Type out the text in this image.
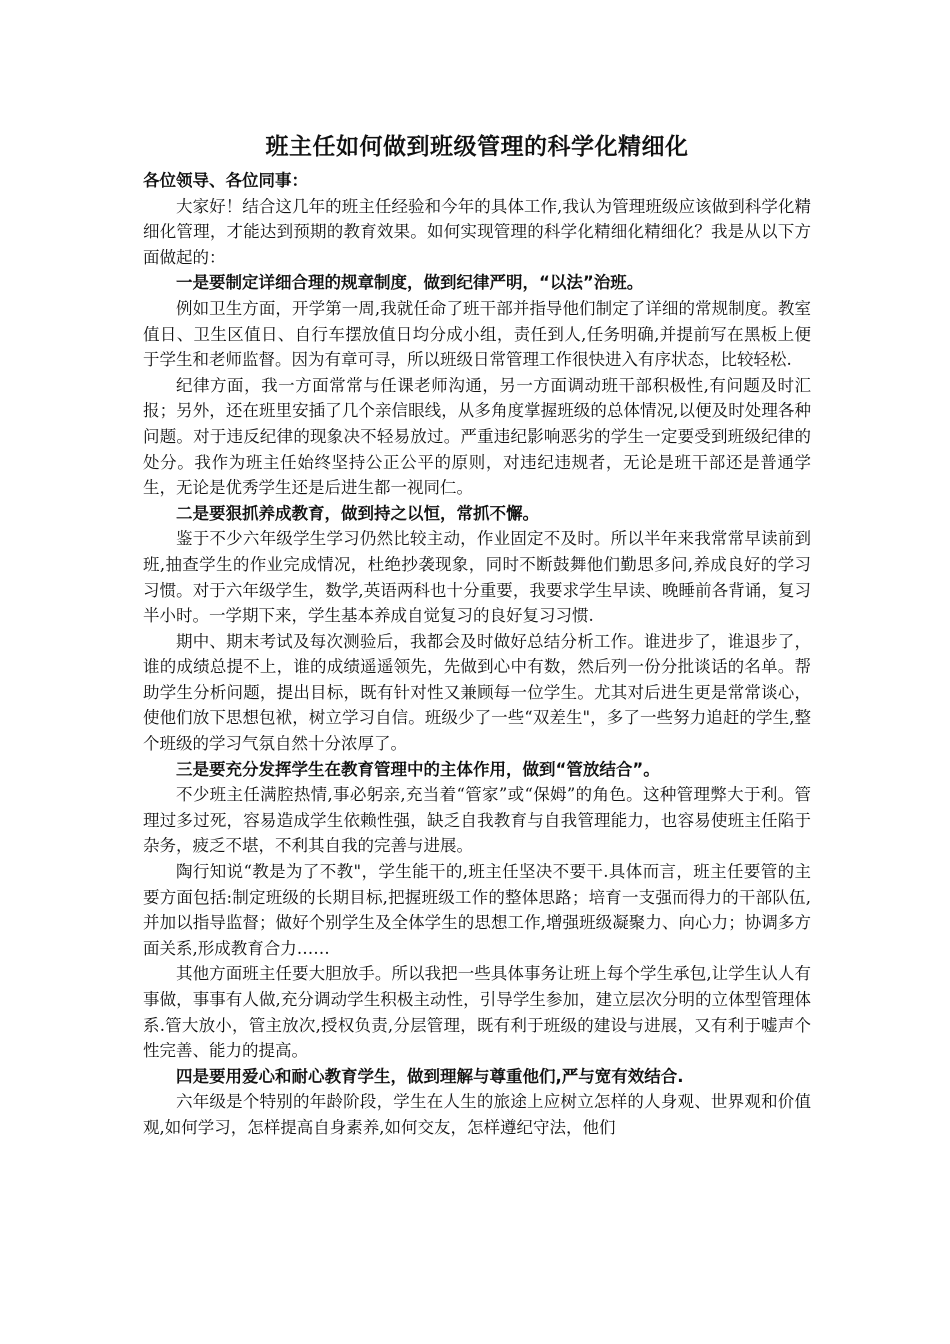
班主任如何做到班级管理的科学化精细化

各位领导、各位同事：

大家好！结合这几年的班主任经验和今年的具体工作,我认为管理班级应该做到科学化精细化管理，才能达到预期的教育效果。如何实现管理的科学化精细化精细化？我是从以下方面做起的：

一是要制定详细合理的规章制度，做到纪律严明，“以法”治班。

例如卫生方面，开学第一周,我就任命了班干部并指导他们制定了详细的常规制度。教室值日、卫生区值日、自行车摆放值日均分成小组，责任到人,任务明确,并提前写在黑板上便于学生和老师监督。因为有章可寻，所以班级日常管理工作很快进入有序状态，比较轻松.

纪律方面，我一方面常常与任课老师沟通，另一方面调动班干部积极性,有问题及时汇报；另外，还在班里安插了几个亲信眼线，从多角度掌握班级的总体情况,以便及时处理各种问题。对于违反纪律的现象决不轻易放过。严重违纪影响恶劣的学生一定要受到班级纪律的处分。我作为班主任始终坚持公正公平的原则，对违纪违规者，无论是班干部还是普通学生，无论是优秀学生还是后进生都一视同仁。

二是要狠抓养成教育，做到持之以恒，常抓不懈。

鉴于不少六年级学生学习仍然比较主动，作业固定不及时。所以半年来我常常早读前到班,抽查学生的作业完成情况，杜绝抄袭现象，同时不断鼓舞他们勤思多问,养成良好的学习习惯。对于六年级学生，数学,英语两科也十分重要，我要求学生早读、晚睡前各背诵，复习半小时。一学期下来，学生基本养成自觉复习的良好复习习惯.

期中、期末考试及每次测验后，我都会及时做好总结分析工作。谁进步了，谁退步了，谁的成绩总提不上，谁的成绩遥遥领先，先做到心中有数，然后列一份分批谈话的名单。帮助学生分析问题，提出目标，既有针对性又兼顾每一位学生。尤其对后进生更是常常谈心，使他们放下思想包袱，树立学习自信。班级少了一些“双差生"，多了一些努力追赶的学生,整个班级的学习气氛自然十分浓厚了。

三是要充分发挥学生在教育管理中的主体作用，做到“管放结合”。

不少班主任满腔热情,事必躬亲,充当着“管家”或“保姆”的角色。这种管理弊大于利。管理过多过死，容易造成学生依赖性强，缺乏自我教育与自我管理能力，也容易使班主任陷于杂务，疲乏不堪，不利其自我的完善与进展。

陶行知说“教是为了不教"，学生能干的,班主任坚决不要干.具体而言，班主任要管的主要方面包括:制定班级的长期目标,把握班级工作的整体思路；培育一支强而得力的干部队伍,并加以指导监督；做好个别学生及全体学生的思想工作,增强班级凝聚力、向心力；协调多方面关系,形成教育合力……

其他方面班主任要大胆放手。所以我把一些具体事务让班上每个学生承包,让学生认人有事做，事事有人做,充分调动学生积极主动性，引导学生参加，建立层次分明的立体型管理体系.管大放小，管主放次,授权负责,分层管理，既有利于班级的建设与进展，又有利于嘘声个性完善、能力的提高。

四是要用爱心和耐心教育学生，做到理解与尊重他们,严与宽有效结合.

六年级是个特别的年龄阶段，学生在人生的旅途上应树立怎样的人身观、世界观和价值观,如何学习，怎样提高自身素养,如何交友，怎样遵纪守法，他们
